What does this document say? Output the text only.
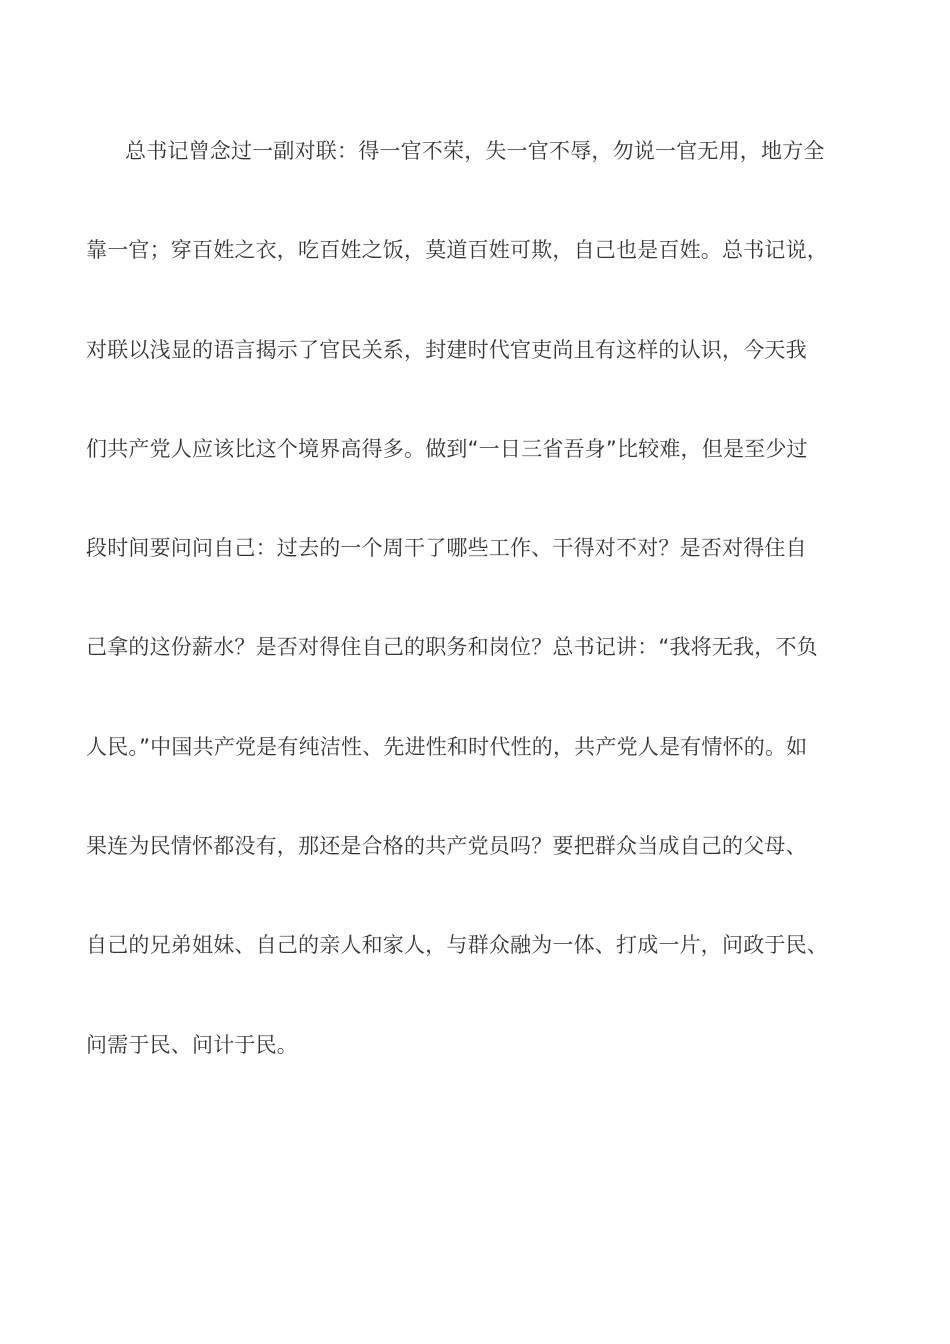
总书记曾念过一副对联：得一官不荣，失一官不辱，勿说一官无用，地方全
靠一官；穿百姓之衣，吃百姓之饭，莫道百姓可欺，自己也是百姓。总书记说，
对联以浅显的语言揭示了官民关系，封建时代官吏尚且有这样的认识，今天我
们共产党人应该比这个境界高得多。做到“一日三省吾身”比较难，但是至少过
段时间要问问自己：过去的一个周干了哪些工作、干得对不对？是否对得住自
己拿的这份薪水？是否对得住自己的职务和岗位？总书记讲：“我将无我，不负
人民。”中国共产党是有纯洁性、先进性和时代性的，共产党人是有情怀的。如
果连为民情怀都没有，那还是合格的共产党员吗？要把群众当成自己的父母、
自己的兄弟姐妹、自己的亲人和家人，与群众融为一体、打成一片，问政于民、
问需于民、问计于民。
